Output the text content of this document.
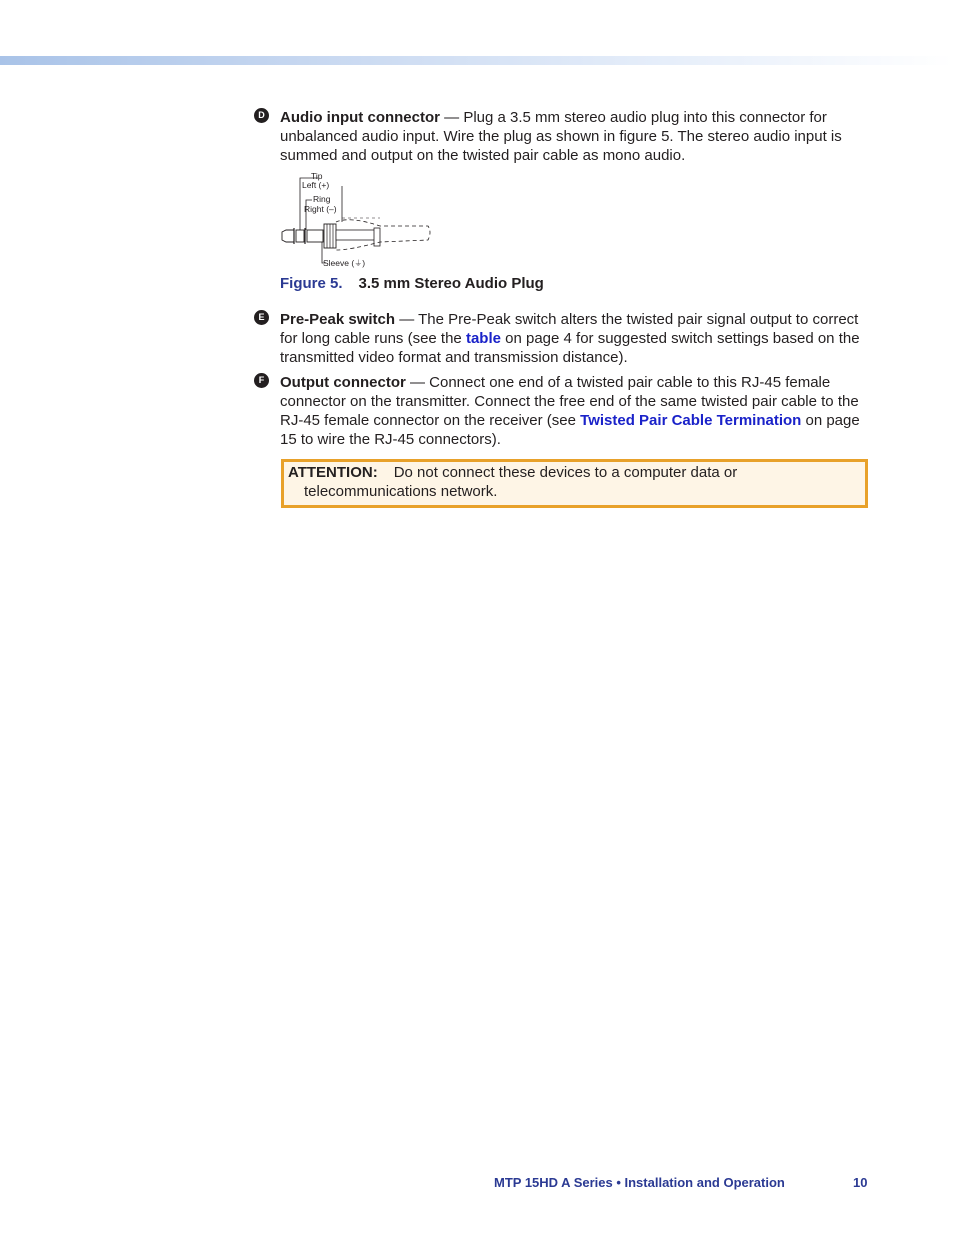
D Audio input connector — Plug a 3.5 mm stereo audio plug into this connector for unbalanced audio input. Wire the plug as shown in figure 5. The stereo audio input is summed and output on the twisted pair cable as mono audio.

Tip
Left (+)
Ring
Right (–)
Sleeve (⏚)
Figure 5. 3.5 mm Stereo Audio Plug
E	Pre-Peak switch — The Pre-Peak switch alters the twisted pair signal output to correct for long cable runs (see the table on page 4 for suggested switch settings based on the transmitted video format and transmission distance).

F	Output connector — Connect one end of a twisted pair cable to this RJ-45 female connector on the transmitter. Connect the free end of the same twisted pair cable to the RJ-45 female connector on the receiver (see Twisted Pair Cable Termination on page 15 to wire the RJ-45 connectors).

ATTENTION: Do not connect these devices to a computer data or
telecommunications network.
MTP 15HD A Series • Installation and Operation	10
